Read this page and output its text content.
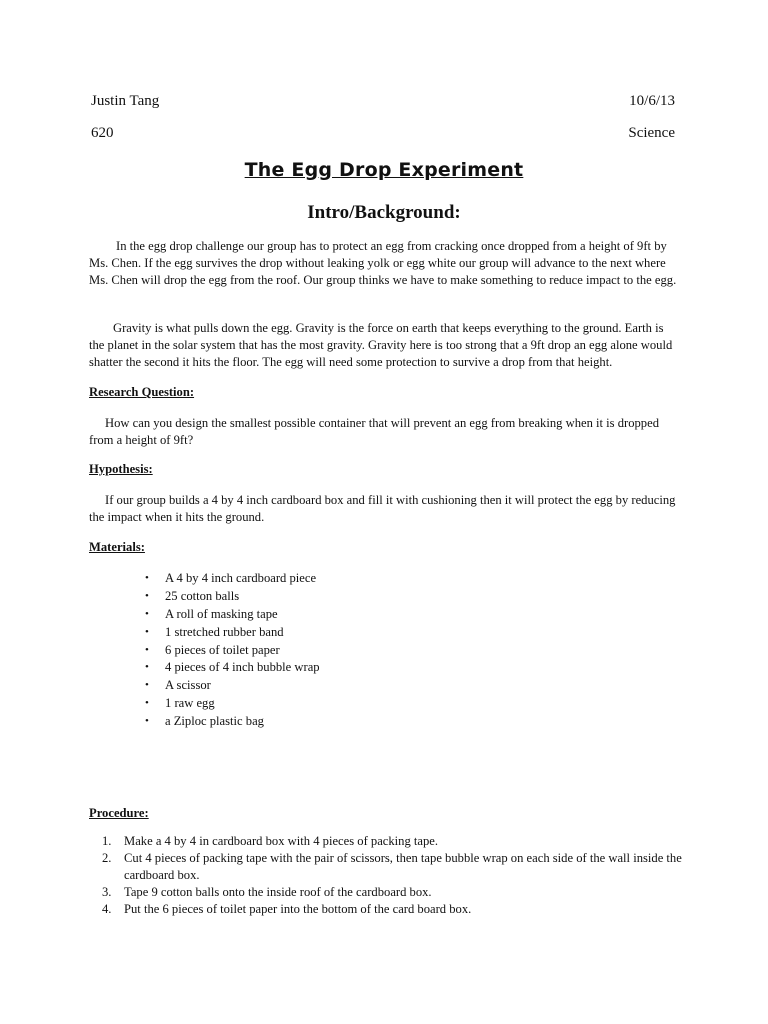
Justin Tang	10/6/13
620	Science
The Egg Drop Experiment
Intro/Background:

In the egg drop challenge our group has to protect an egg from cracking once dropped from a height of 9ft by Ms. Chen. If the egg survives the drop without leaking yolk or egg white our group will advance to the next where Ms. Chen will drop the egg from the roof. Our group thinks we have to make something to reduce impact to the egg.

Gravity is what pulls down the egg. Gravity is the force on earth that keeps everything to the ground. Earth is the planet in the solar system that has the most gravity. Gravity here is too strong that a 9ft drop an egg alone would shatter the second it hits the floor. The egg will need some protection to survive a drop from that height.

Research Question:

How can you design the smallest possible container that will prevent an egg from breaking when it is dropped from a height of 9ft?

Hypothesis:

If our group builds a 4 by 4 inch cardboard box and fill it with cushioning then it will protect the egg by reducing the impact when it hits the ground.

Materials:
• A 4 by 4 inch cardboard piece
• 25 cotton balls
• A roll of masking tape
• 1 stretched rubber band
• 6 pieces of toilet paper
• 4 pieces of 4 inch bubble wrap
• A scissor
• 1 raw egg
• a Ziploc plastic bag
Procedure:
1. Make a 4 by 4 in cardboard box with 4 pieces of packing tape.
2. Cut 4 pieces of packing tape with the pair of scissors, then tape bubble wrap on each side of the wall inside the cardboard box.
3. Tape 9 cotton balls onto the inside roof of the cardboard box.
4. Put the 6 pieces of toilet paper into the bottom of the card board box.
